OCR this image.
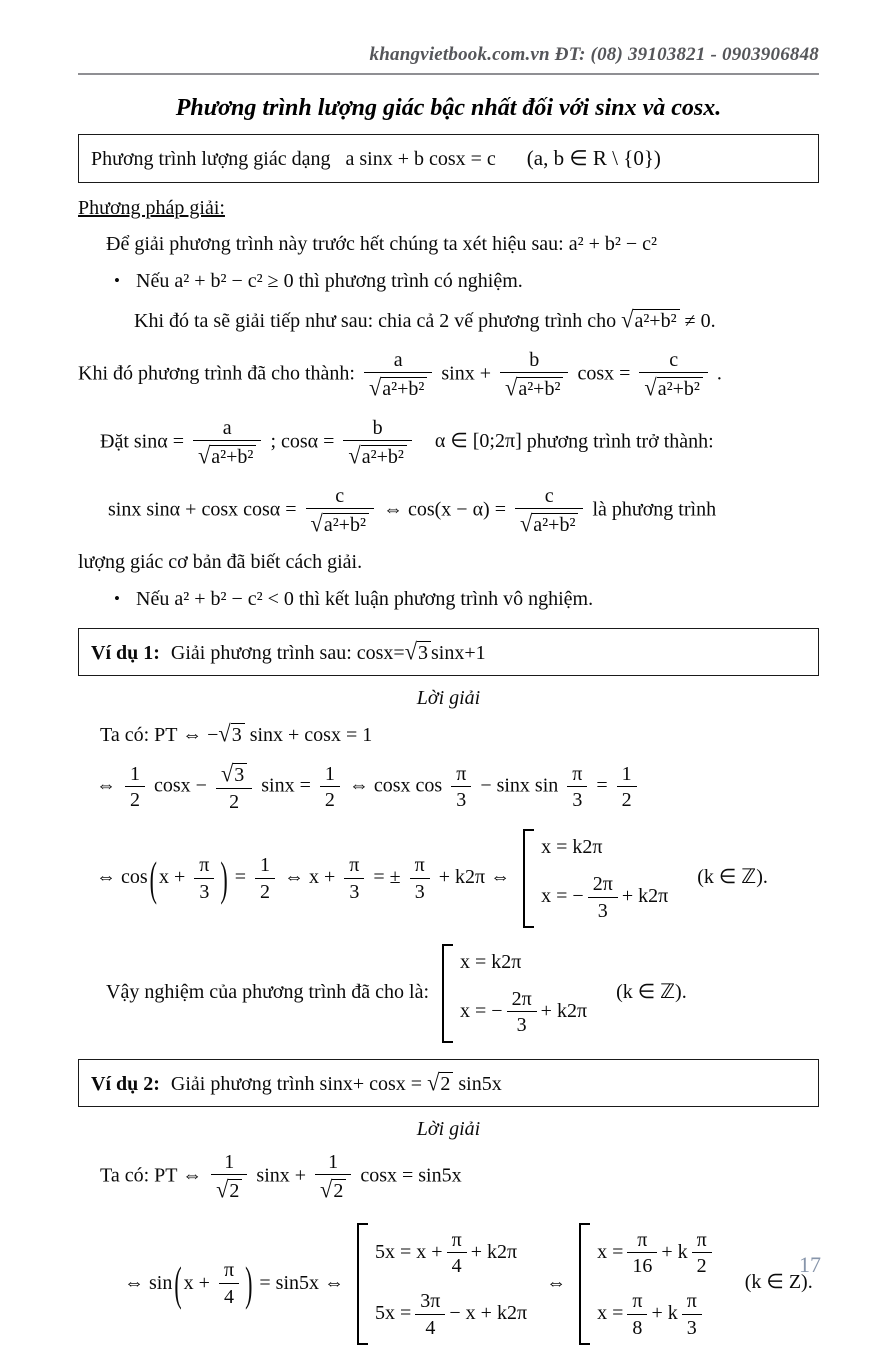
khangvietbook.com.vn ĐT: (08) 39103821 - 0903906848
Phương trình lượng giác bậc nhất đối với sinx và cosx.
Phương trình lượng giác dạng a sinx + b cosx = c (a, b ∈ R \ {0})
Phương pháp giải:
Để giải phương trình này trước hết chúng ta xét hiệu sau: a² + b² − c²
• Nếu a² + b² − c² ≥ 0 thì phương trình có nghiệm.
Khi đó ta sẽ giải tiếp như sau: chia cả 2 vế phương trình cho √a²+b² ≠ 0.
Khi đó phương trình đã cho thành: $\frac{a}{\text{√a²+b²}}$ $\sin x + \frac{b}{\text{√a²+b²}}$ $\cos x = \frac{c}{\text{√a²+b²}}$ .
Đặt $\sin\alpha = \frac{a}{\text{√a²+b²}}$ ; $\cos\alpha = \frac{b}{\text{√a²+b²}}$ α ∈ [0;2π] phương trình trở thành:
sinx sinα + cosx $\cos\alpha = \frac{c}{\text{√a²+b²}}$ ⇔ $\cos(x - \alpha) = \frac{c}{\text{√a²+b²}}$ là phương trình
lượng giác cơ bản đã biết cách giải.
• Nếu a² + b² − c² < 0 thì kết luận phương trình vô nghiệm.
Ví dụ 1: Giải phương trình sau: cosx=√3 sinx+1
Lời giải
Ta có: PT ⇔ −√3 sinx + cosx = 1
⇔ $\frac{1}{2}$ $\cos x - \frac{√3}{2}$ $\sin x = \frac{1}{2}$ ⇔ cosx $\cos \frac{\pi}{3} - \sin x$ $\sin \frac{\pi}{3} = \frac{1}{2}$
⇔ cos( $x + \frac{\pi}{3}$ ) = $\frac{1}{2}$ ⇔ $x + \frac{\pi}{3}$ = ± $\frac{\pi}{3} + k2\pi$ ⇔
x = k2π
x = − $\frac{2\pi}{3} + k2\pi$
(k ∈ ℤ).
Vậy nghiệm của phương trình đã cho là:
x = k2π
x = − $\frac{2\pi}{3} + k2\pi$
(k ∈ ℤ).
Ví dụ 2: Giải phương trình sinx+ cosx = √2 sin5x
Lời giải
Ta có: PT ⇔ $\frac{1}{√2}$ $\sin x + \frac{1}{√2}$ cosx = sin5x
⇔ sin( $x + \frac{\pi}{4}$ ) = sin5x ⇔
$5x = x + \frac{\pi}{4} + k2\pi$
$5x = \frac{3\pi}{4} - x + k2\pi$
⇔
$x = \frac{\pi}{16} + k \frac{\pi}{2}$
$x = \frac{\pi}{8} + k \frac{\pi}{3}$
(k ∈ Z).
17
